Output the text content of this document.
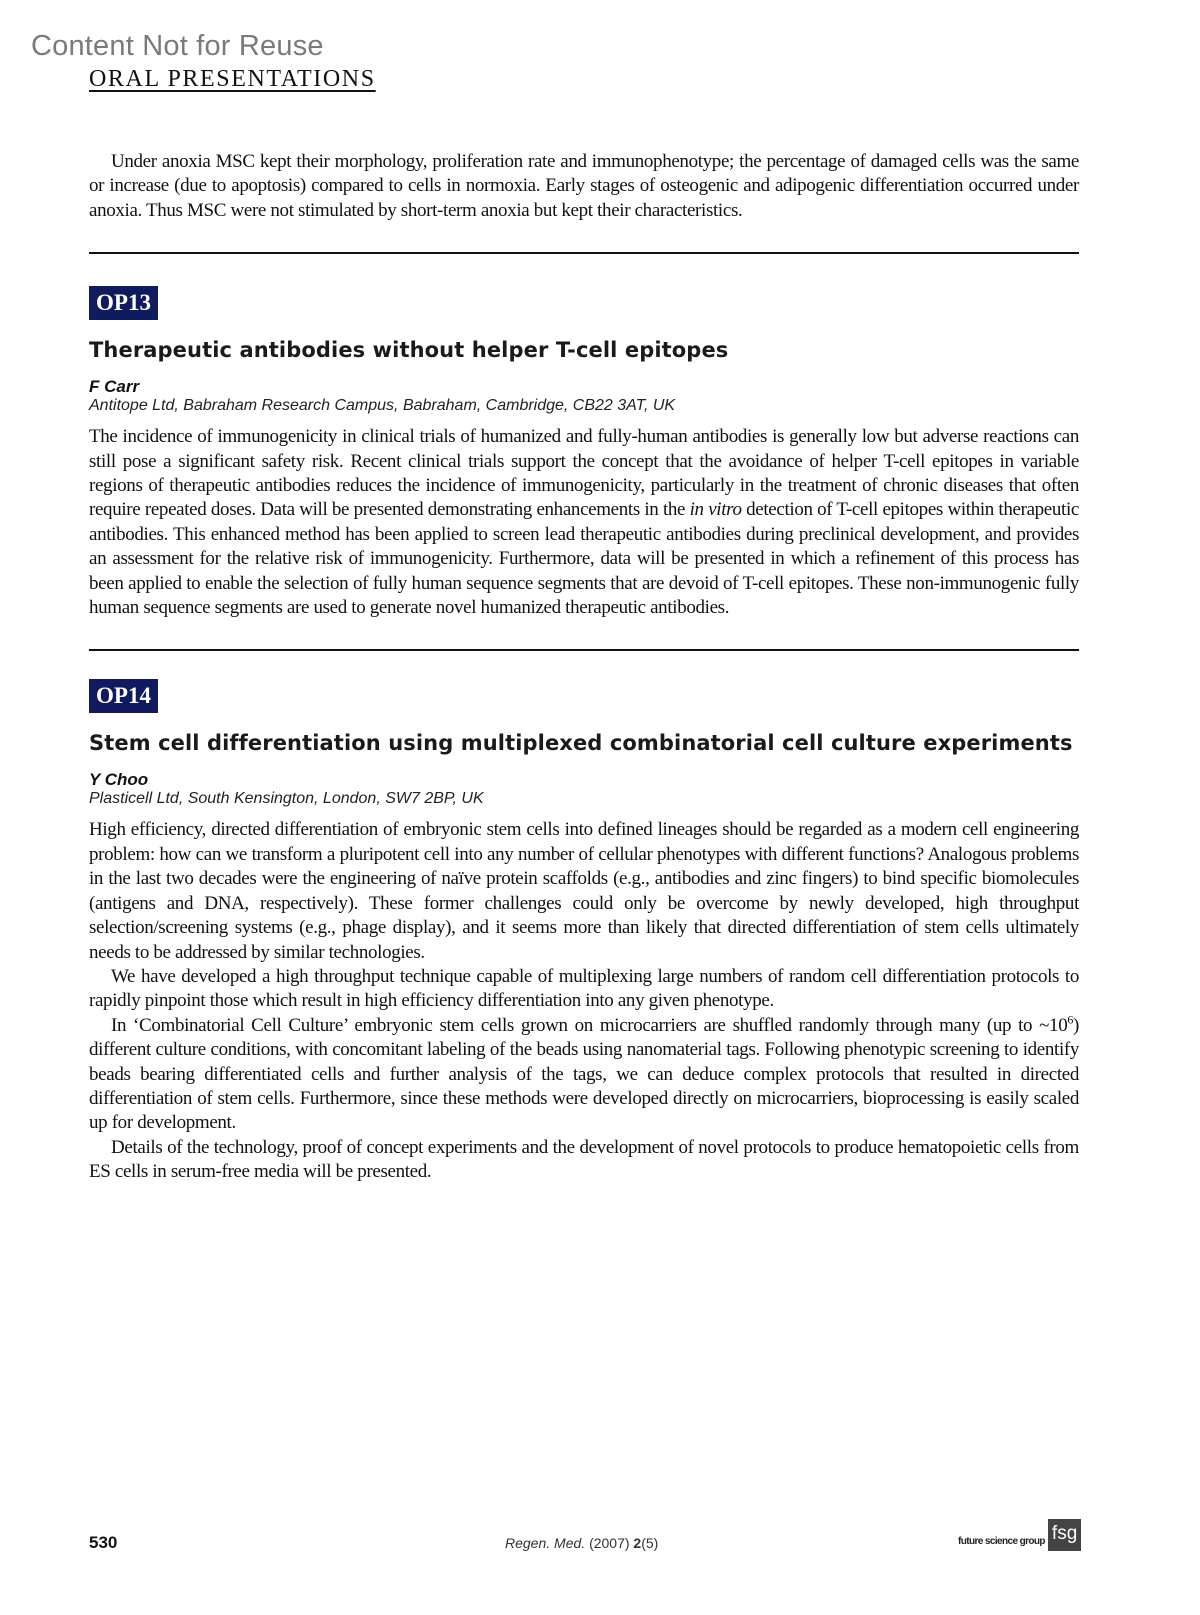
Content Not for Reuse
ORAL PRESENTATIONS

Under anoxia MSC kept their morphology, proliferation rate and immunophenotype; the percentage of damaged cells was the same or increase (due to apoptosis) compared to cells in normoxia. Early stages of osteogenic and adipogenic differentiation occurred under anoxia. Thus MSC were not stimulated by short-term anoxia but kept their characteristics.

OP13
Therapeutic antibodies without helper T-cell epitopes

F Carr

Antitope Ltd, Babraham Research Campus, Babraham, Cambridge, CB22 3AT, UK

The incidence of immunogenicity in clinical trials of humanized and fully-human antibodies is generally low but adverse reactions can still pose a significant safety risk. Recent clinical trials support the concept that the avoidance of helper T-cell epitopes in variable regions of therapeutic antibodies reduces the incidence of immunogenicity, particularly in the treatment of chronic diseases that often require repeated doses. Data will be presented demonstrating enhancements in the in vitro detection of T-cell epitopes within therapeutic antibodies. This enhanced method has been applied to screen lead therapeutic antibodies during preclinical development, and provides an assessment for the relative risk of immunogenicity. Furthermore, data will be presented in which a refinement of this process has been applied to enable the selection of fully human sequence segments that are devoid of T-cell epitopes. These non-immunogenic fully human sequence segments are used to generate novel humanized therapeutic antibodies.

OP14
Stem cell differentiation using multiplexed combinatorial cell culture experiments

Y Choo

Plasticell Ltd, South Kensington, London, SW7 2BP, UK

High efficiency, directed differentiation of embryonic stem cells into defined lineages should be regarded as a modern cell engineering problem: how can we transform a pluripotent cell into any number of cellular phenotypes with different functions? Analogous problems in the last two decades were the engineering of naïve protein scaffolds (e.g., antibodies and zinc fingers) to bind specific biomolecules (antigens and DNA, respectively). These former challenges could only be overcome by newly developed, high throughput selection/screening systems (e.g., phage display), and it seems more than likely that directed differentiation of stem cells ultimately needs to be addressed by similar technologies.

We have developed a high throughput technique capable of multiplexing large numbers of random cell differentiation protocols to rapidly pinpoint those which result in high efficiency differentiation into any given phenotype.

In ‘Combinatorial Cell Culture’ embryonic stem cells grown on microcarriers are shuffled randomly through many (up to $\sim 10^6$) different culture conditions, with concomitant labeling of the beads using nanomaterial tags. Following phenotypic screening to identify beads bearing differentiated cells and further analysis of the tags, we can deduce complex protocols that resulted in directed differentiation of stem cells. Furthermore, since these methods were developed directly on microcarriers, bioprocessing is easily scaled up for development.

Details of the technology, proof of concept experiments and the development of novel protocols to produce hematopoietic cells from ES cells in serum-free media will be presented.

530	Regen. Med. (2007) 2(5)	future science group fsg
